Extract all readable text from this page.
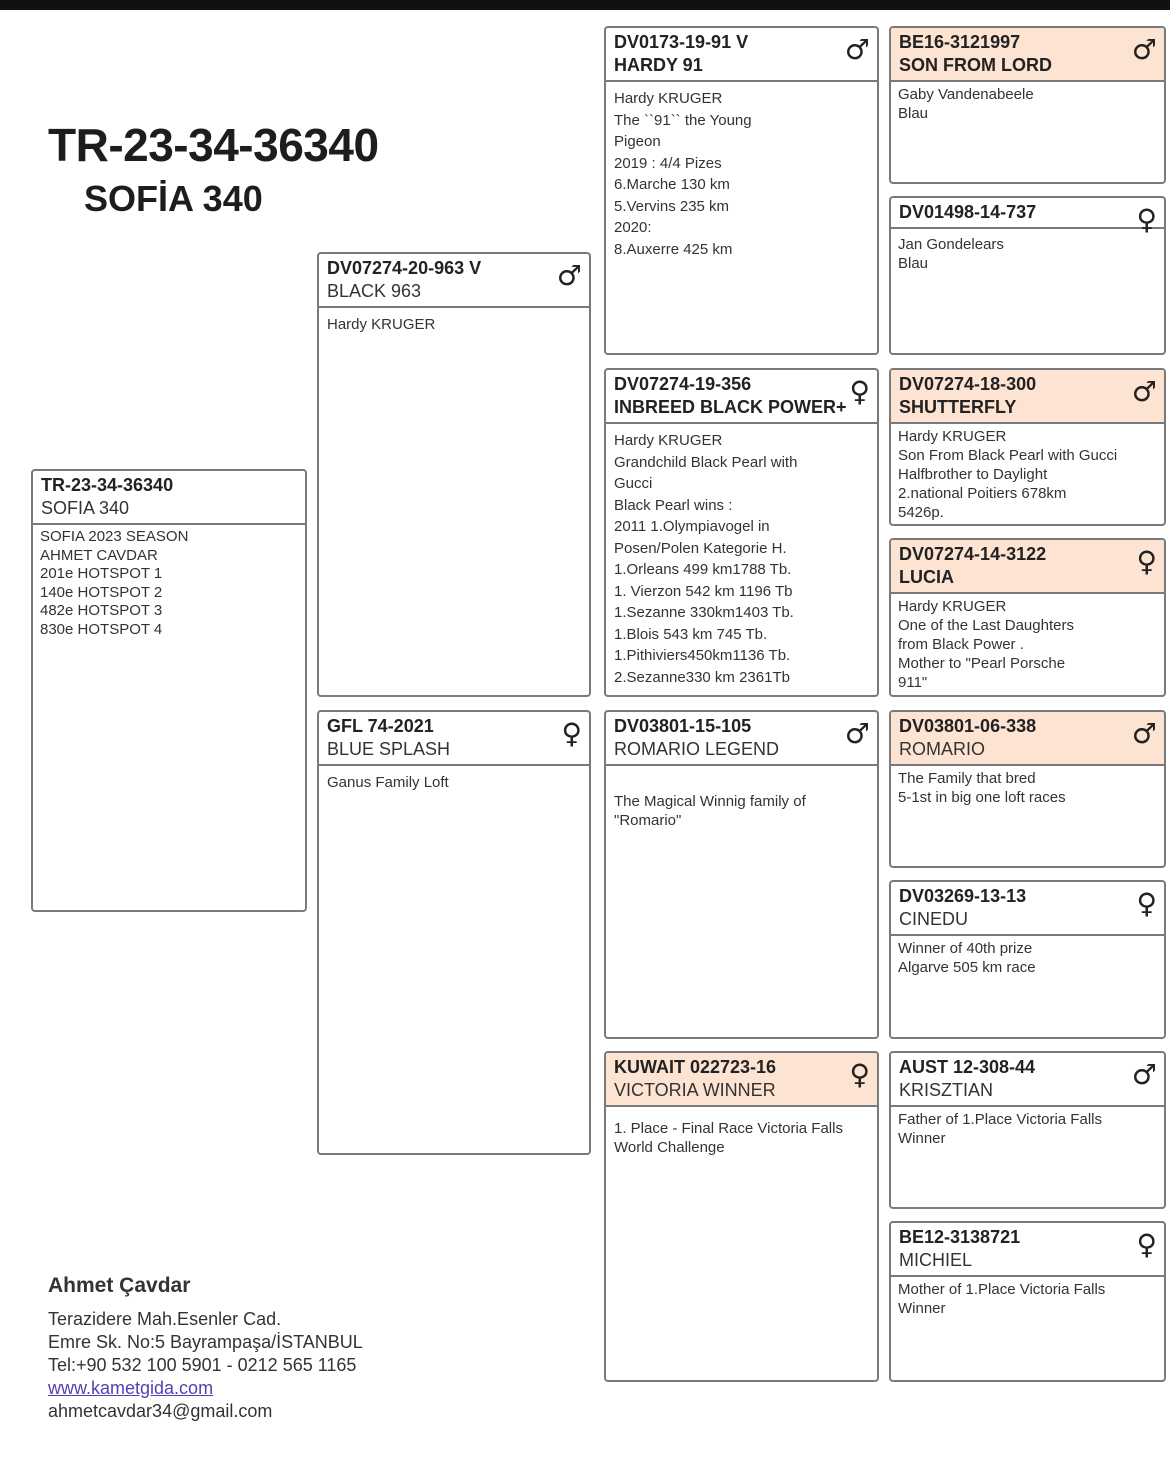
TR-23-34-36340
SOFİA 340
TR-23-34-36340
SOFIA 340
SOFIA 2023 SEASON
AHMET CAVDAR
201e HOTSPOT 1
140e HOTSPOT 2
482e HOTSPOT 3
830e HOTSPOT 4
DV07274-20-963 V
BLACK 963	♂
Hardy KRUGER
GFL 74-2021
BLUE SPLASH	♀
Ganus Family Loft
DV0173-19-91 V
HARDY 91	♂
Hardy KRUGER
The ``91`` the Young
Pigeon
2019 : 4/4 Pizes
6.Marche 130 km
5.Vervins 235 km
2020:
8.Auxerre 425 km
DV07274-19-356
INBREED BLACK POWER+ ♀
Hardy KRUGER
Grandchild Black Pearl with
Gucci
Black Pearl wins :
2011 1.Olympiavogel in
Posen/Polen Kategorie H.
1.Orleans 499 km1788 Tb.
1. Vierzon 542 km 1196 Tb
1.Sezanne 330km1403 Tb.
1.Blois 543 km 745 Tb.
1.Pithiviers450km1136 Tb.
2.Sezanne330 km 2361Tb
DV03801-15-105
ROMARIO LEGEND	♂
The Magical Winnig family of
"Romario"
KUWAIT 022723-16
VICTORIA WINNER	♀
1. Place - Final Race Victoria Falls
World Challenge
BE16-3121997
SON FROM LORD	♂
Gaby Vandenabeele
Blau
DV01498-14-737	♀
Jan Gondelears
Blau
DV07274-18-300
SHUTTERFLY	♂
Hardy KRUGER
Son From Black Pearl with Gucci
Halfbrother to Daylight
2.national Poitiers 678km
5426p.
DV07274-14-3122
LUCIA	♀
Hardy KRUGER
One of the Last Daughters
from Black Power .
Mother to "Pearl Porsche
911"
DV03801-06-338
ROMARIO	♂
The Family that bred
5-1st in big one loft races
DV03269-13-13
CINEDU	♀
Winner of 40th prize
Algarve 505 km race
AUST 12-308-44
KRISZTIAN	♂
Father of 1.Place Victoria Falls
Winner
BE12-3138721
MICHIEL	♀
Mother of 1.Place Victoria Falls
Winner
Ahmet Çavdar
Terazidere Mah.Esenler Cad.
Emre Sk. No:5 Bayrampaşa/İSTANBUL
Tel:+90 532 100 5901 - 0212 565 1165
www.kametgida.com
ahmetcavdar34@gmail.com
